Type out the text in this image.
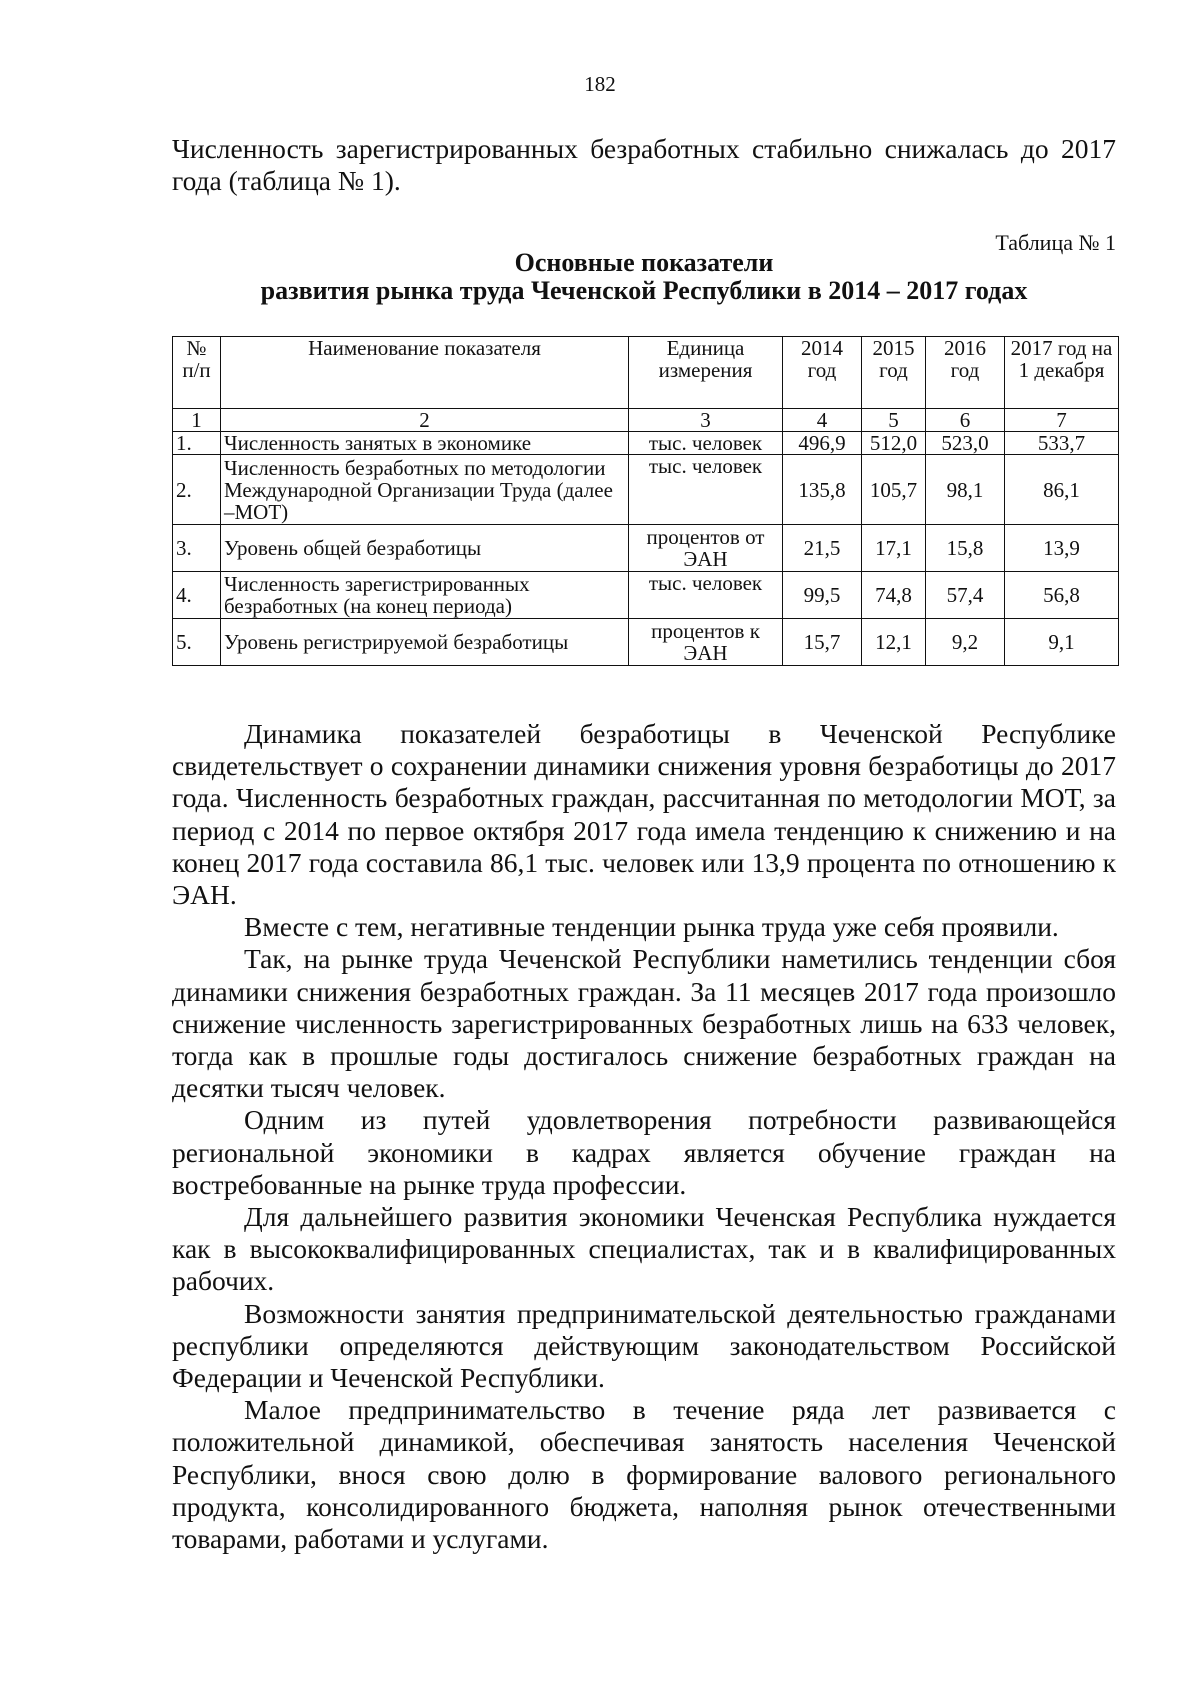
182
Численность зарегистрированных безработных стабильно снижалась до 2017
года (таблица № 1).
Таблица № 1
Основные показатели
развития рынка труда Чеченской Республики в 2014 – 2017 годах
№ п/п	Наименование показателя	Единица измерения	2014 год	2015 год	2016 год	2017 год на 1 декабря
1	2	3	4	5	6	7
1.	Численность занятых в экономике	тыс. человек	496,9	512,0	523,0	533,7
2.	Численность безработных по методологии Международной Организации Труда (далее –МОТ)	тыс. человек	135,8	105,7	98,1	86,1
3.	Уровень общей безработицы	процентов от ЭАН	21,5	17,1	15,8	13,9
4.	Численность зарегистрированных безработных (на конец периода)	тыс. человек	99,5	74,8	57,4	56,8
5.	Уровень регистрируемой безработицы	процентов к ЭАН	15,7	12,1	9,2	9,1

Динамика показателей безработицы в Чеченской Республике свидетельствует о сохранении динамики снижения уровня безработицы до 2017 года. Численность безработных граждан, рассчитанная по методологии МОТ, за период с 2014 по первое октября 2017 года имела тенденцию к снижению и на конец 2017 года составила 86,1 тыс. человек или 13,9 процента по отношению к ЭАН.

Вместе с тем, негативные тенденции рынка труда уже себя проявили.

Так, на рынке труда Чеченской Республики наметились тенденции сбоя динамики снижения безработных граждан. За 11 месяцев 2017 года произошло снижение численность зарегистрированных безработных лишь на 633 человек, тогда как в прошлые годы достигалось снижение безработных граждан на десятки тысяч человек.

Одним из путей удовлетворения потребности развивающейся региональной экономики в кадрах является обучение граждан на востребованные на рынке труда профессии.

Для дальнейшего развития экономики Чеченская Республика нуждается как в высококвалифицированных специалистах, так и в квалифицированных рабочих.

Возможности занятия предпринимательской деятельностью гражданами республики определяются действующим законодательством Российской Федерации и Чеченской Республики.

Малое предпринимательство в течение ряда лет развивается с положительной динамикой, обеспечивая занятость населения Чеченской Республики, внося свою долю в формирование валового регионального продукта, консолидированного бюджета, наполняя рынок отечественными товарами, работами и услугами.
